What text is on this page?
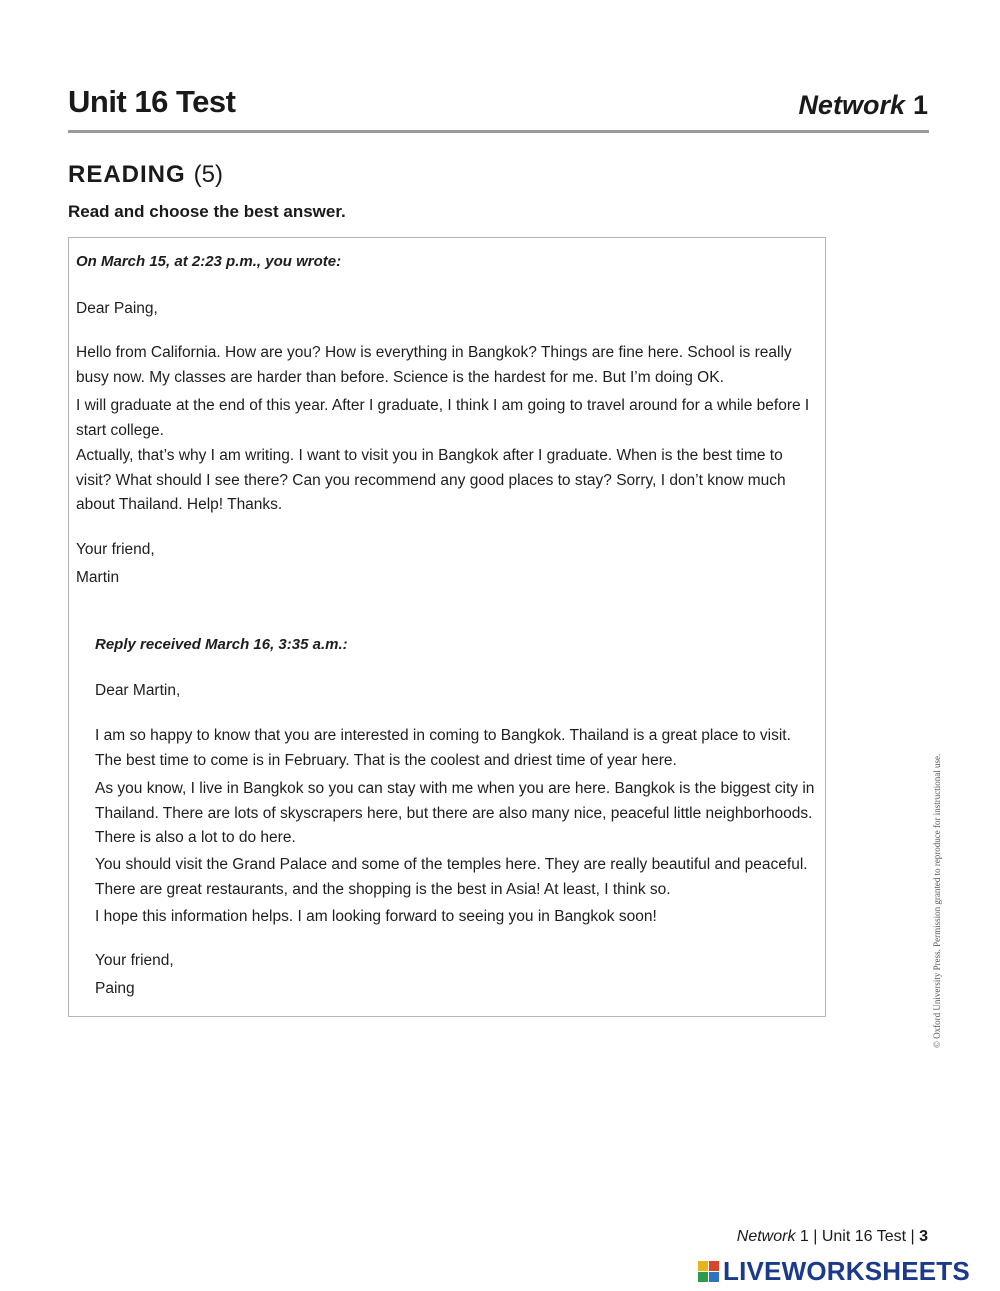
Unit 16 Test	Network 1
READING (5)
Read and choose the best answer.

On March 15, at 2:23 p.m., you wrote:

Dear Paing,

Hello from California. How are you? How is everything in Bangkok? Things are fine here. School is really busy now. My classes are harder than before. Science is the hardest for me. But I’m doing OK.

I will graduate at the end of this year. After I graduate, I think I am going to travel around for a while before I start college.

Actually, that’s why I am writing. I want to visit you in Bangkok after I graduate. When is the best time to visit? What should I see there? Can you recommend any good places to stay? Sorry, I don’t know much about Thailand. Help! Thanks.

Your friend,

Martin

Reply received March 16, 3:35 a.m.:

Dear Martin,

I am so happy to know that you are interested in coming to Bangkok. Thailand is a great place to visit. The best time to come is in February. That is the coolest and driest time of year here.

As you know, I live in Bangkok so you can stay with me when you are here. Bangkok is the biggest city in Thailand. There are lots of skyscrapers here, but there are also many nice, peaceful little neighborhoods. There is also a lot to do here.

You should visit the Grand Palace and some of the temples here. They are really beautiful and peaceful. There are great restaurants, and the shopping is the best in Asia! At least, I think so.

I hope this information helps. I am looking forward to seeing you in Bangkok soon!

Your friend,

Paing	© Oxford University Press. Permission granted to reproduce for instructional use.
Network 1 | Unit 16 Test | 3
LIVEWORKSHEETS
